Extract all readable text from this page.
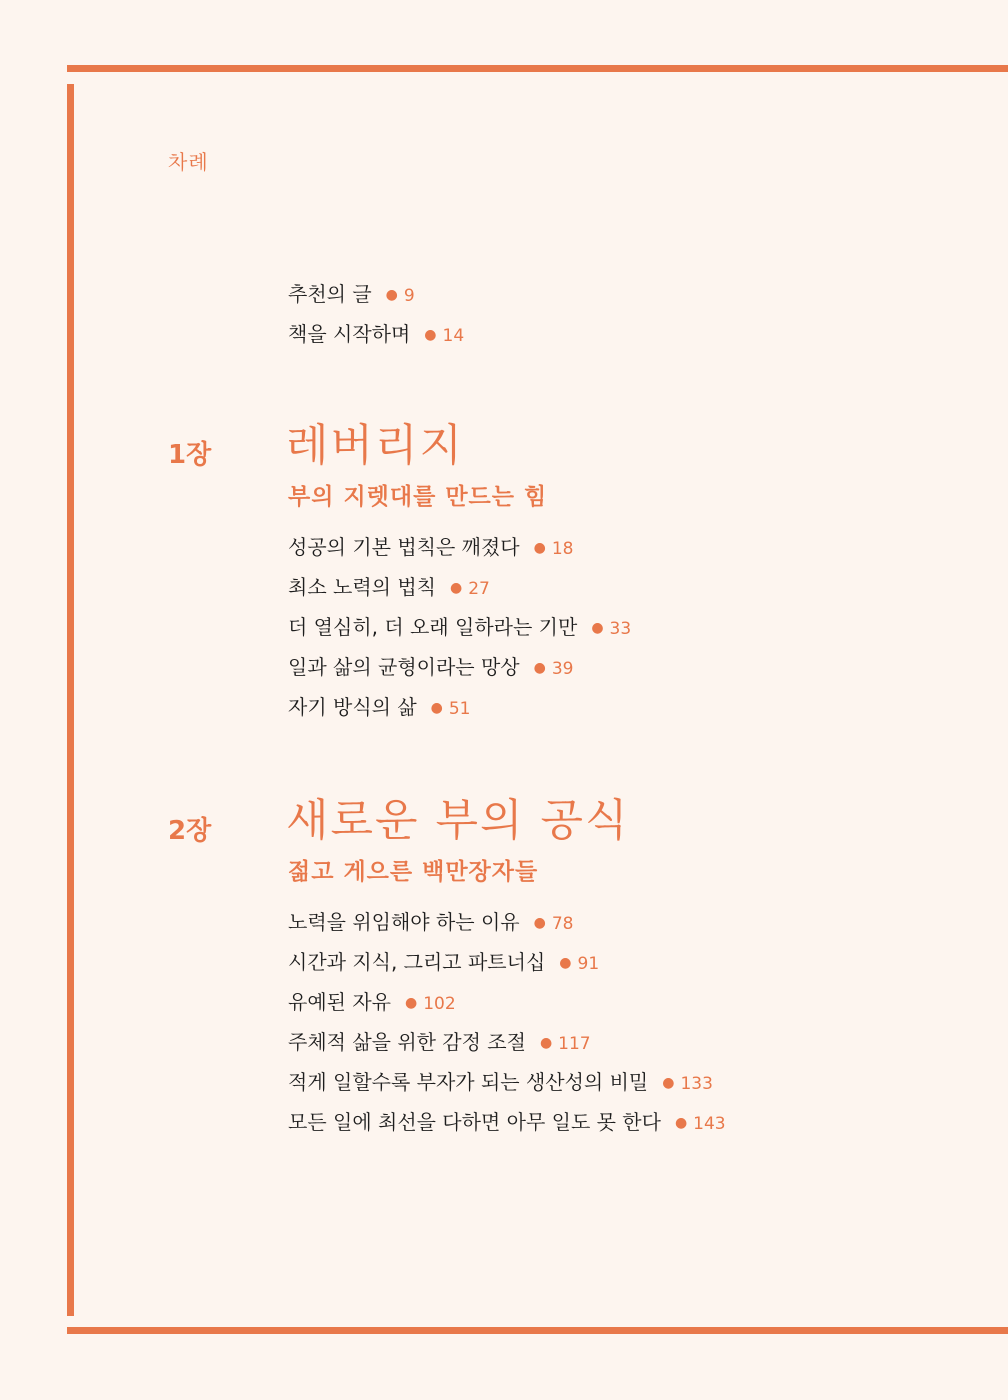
차례
추천의 글 ● 9
책을 시작하며 ● 14
1장 레버리지
부의 지렛대를 만드는 힘
성공의 기본 법칙은 깨졌다 ● 18
최소 노력의 법칙 ● 27
더 열심히, 더 오래 일하라는 기만 ● 33
일과 삶의 균형이라는 망상 ● 39
자기 방식의 삶 ● 51
2장 새로운 부의 공식
젊고 게으른 백만장자들
노력을 위임해야 하는 이유 ● 78
시간과 지식, 그리고 파트너십 ● 91
유예된 자유 ● 102
주체적 삶을 위한 감정 조절 ● 117
적게 일할수록 부자가 되는 생산성의 비밀 ● 133
모든 일에 최선을 다하면 아무 일도 못 한다 ● 143
